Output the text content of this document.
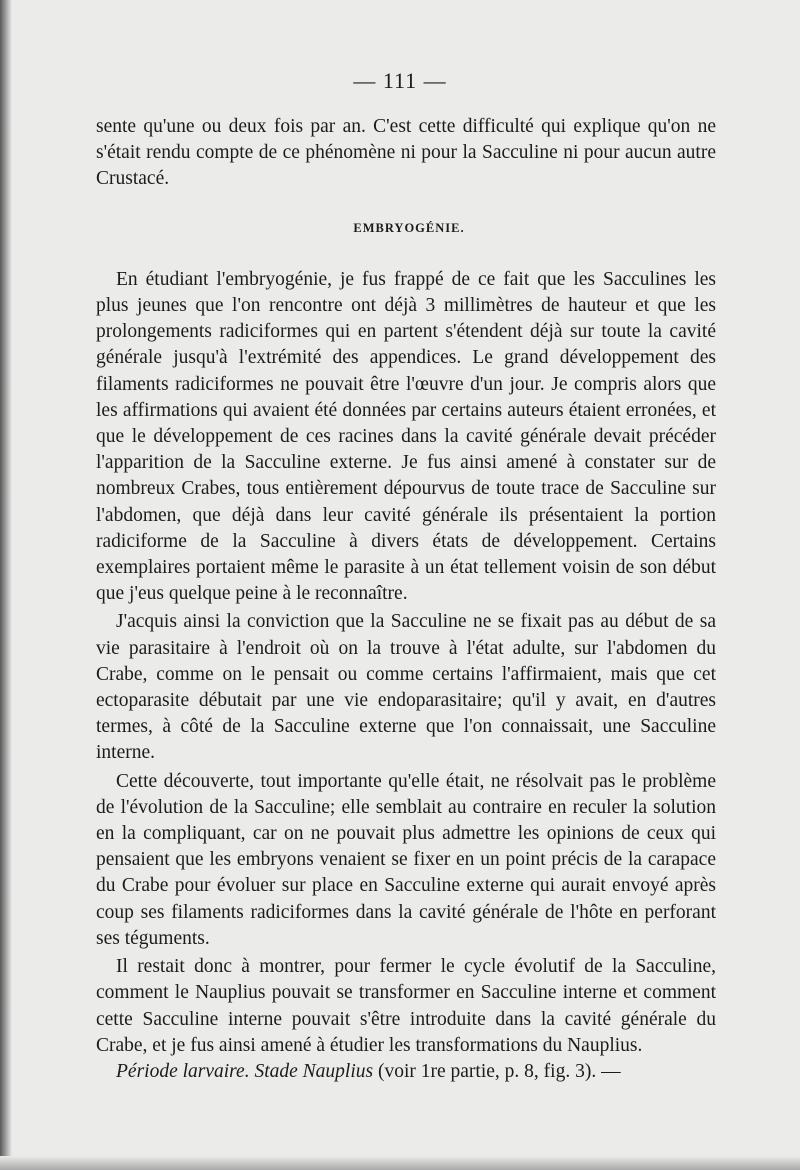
— 111 —

sente qu'une ou deux fois par an. C'est cette difficulté qui explique qu'on ne s'était rendu compte de ce phénomène ni pour la Sacculine ni pour aucun autre Crustacé.

EMBRYOGÉNIE.

En étudiant l'embryogénie, je fus frappé de ce fait que les Sacculines les plus jeunes que l'on rencontre ont déjà 3 millimètres de hauteur et que les prolongements radiciformes qui en partent s'étendent déjà sur toute la cavité générale jusqu'à l'extrémité des appendices. Le grand développement des filaments radiciformes ne pouvait être l'œuvre d'un jour. Je compris alors que les affirmations qui avaient été données par certains auteurs étaient erronées, et que le développement de ces racines dans la cavité générale devait précéder l'apparition de la Sacculine externe. Je fus ainsi amené à constater sur de nombreux Crabes, tous entièrement dépourvus de toute trace de Sacculine sur l'abdomen, que déjà dans leur cavité générale ils présentaient la portion radiciforme de la Sacculine à divers états de développement. Certains exemplaires portaient même le parasite à un état tellement voisin de son début que j'eus quelque peine à le reconnaître.

J'acquis ainsi la conviction que la Sacculine ne se fixait pas au début de sa vie parasitaire à l'endroit où on la trouve à l'état adulte, sur l'abdomen du Crabe, comme on le pensait ou comme certains l'affirmaient, mais que cet ectoparasite débutait par une vie endoparasitaire; qu'il y avait, en d'autres termes, à côté de la Sacculine externe que l'on connaissait, une Sacculine interne.

Cette découverte, tout importante qu'elle était, ne résolvait pas le problème de l'évolution de la Sacculine; elle semblait au contraire en reculer la solution en la compliquant, car on ne pouvait plus admettre les opinions de ceux qui pensaient que les embryons venaient se fixer en un point précis de la carapace du Crabe pour évoluer sur place en Sacculine externe qui aurait envoyé après coup ses filaments radiciformes dans la cavité générale de l'hôte en perforant ses téguments.

Il restait donc à montrer, pour fermer le cycle évolutif de la Sacculine, comment le Nauplius pouvait se transformer en Sacculine interne et comment cette Sacculine interne pouvait s'être introduite dans la cavité générale du Crabe, et je fus ainsi amené à étudier les transformations du Nauplius.

Période larvaire. Stade Nauplius (voir 1re partie, p. 8, fig. 3). —
